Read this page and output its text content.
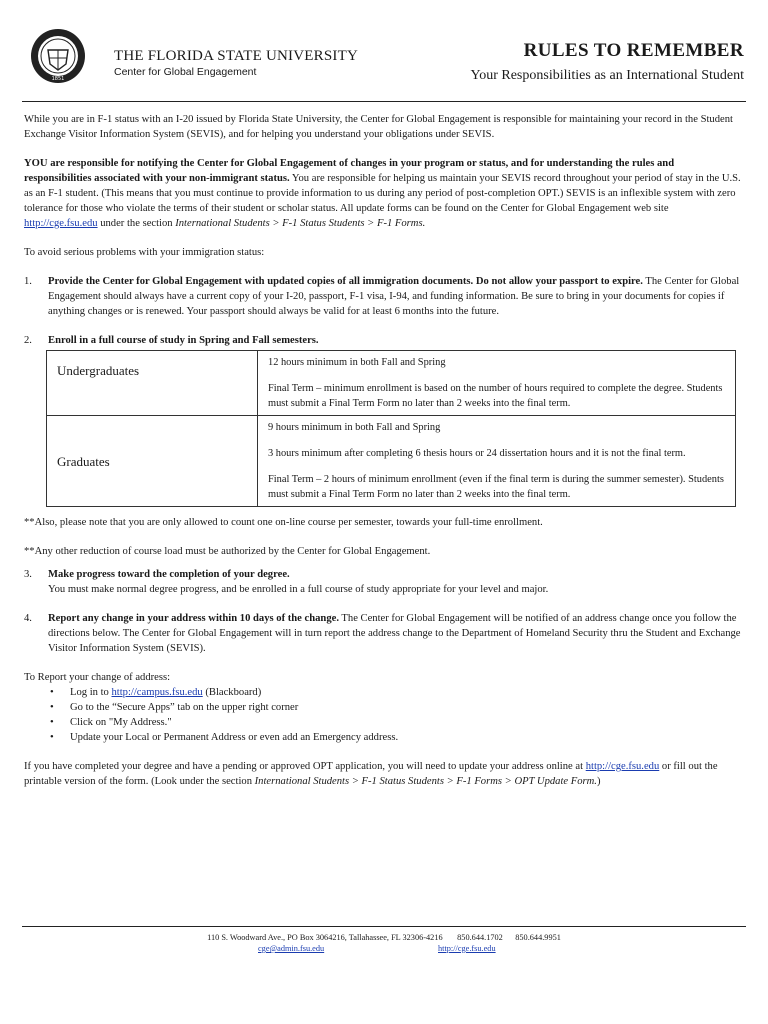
1851
THE FLORIDA STATE UNIVERSITY
Center for Global Engagement
RULES TO REMEMBER
Your Responsibilities as an International Student

While you are in F-1 status with an I-20 issued by Florida State University, the Center for Global Engagement is responsible for maintaining your record in the Student Exchange Visitor Information System (SEVIS), and for helping you understand your obligations under SEVIS.

YOU are responsible for notifying the Center for Global Engagement of changes in your program or status, and for understanding the rules and responsibilities associated with your non-immigrant status. You are responsible for helping us maintain your SEVIS record throughout your period of stay in the U.S. as an F-1 student. (This means that you must continue to provide information to us during any period of post-completion OPT.) SEVIS is an inflexible system with zero tolerance for those who violate the terms of their student or scholar status. All update forms can be found on the Center for Global Engagement web site http://cge.fsu.edu under the section International Students > F-1 Status Students > F-1 Forms.

To avoid serious problems with your immigration status:

1.	Provide the Center for Global Engagement with updated copies of all immigration documents. Do not allow your passport to expire. The Center for Global Engagement should always have a current copy of your I-20, passport, F-1 visa, I-94, and funding information. Be sure to bring in your documents for copies if anything changes or is renewed. Your passport should always be valid for at least 6 months into the future.
2.	Enroll in a full course of study in Spring and Fall semesters.
Undergraduates	12 hours minimum in both Fall and Spring

Final Term – minimum enrollment is based on the number of hours required to complete the degree. Students must submit a Final Term Form no later than 2 weeks into the final term.

Graduates	9 hours minimum in both Fall and Spring

3 hours minimum after completing 6 thesis hours or 24 dissertation hours and it is not the final term.

Final Term – 2 hours of minimum enrollment (even if the final term is during the summer semester). Students must submit a Final Term Form no later than 2 weeks into the final term.

**Also, please note that you are only allowed to count one on-line course per semester, towards your full-time enrollment.

**Any other reduction of course load must be authorized by the Center for Global Engagement.

3.	Make progress toward the completion of your degree.
You must make normal degree progress, and be enrolled in a full course of study appropriate for your level and major.
4.	Report any change in your address within 10 days of the change. The Center for Global Engagement will be notified of an address change once you follow the directions below. The Center for Global Engagement will in turn report the address change to the Department of Homeland Security thru the Student and Exchange Visitor Information System (SEVIS).

To Report your change of address:

• Log in to http://campus.fsu.edu (Blackboard)
• Go to the “Secure Apps” tab on the upper right corner
• Click on "My Address."
• Update your Local or Permanent Address or even add an Emergency address.

If you have completed your degree and have a pending or approved OPT application, you will need to update your address online at http://cge.fsu.edu or fill out the printable version of the form. (Look under the section International Students > F-1 Status Students > F-1 Forms > OPT Update Form.)

110 S. Woodward Ave., PO Box 3064216, Tallahassee, FL 32306-4216 850.644.1702 850.644.9951
cge@admin.fsu.edu	http://cge.fsu.edu
